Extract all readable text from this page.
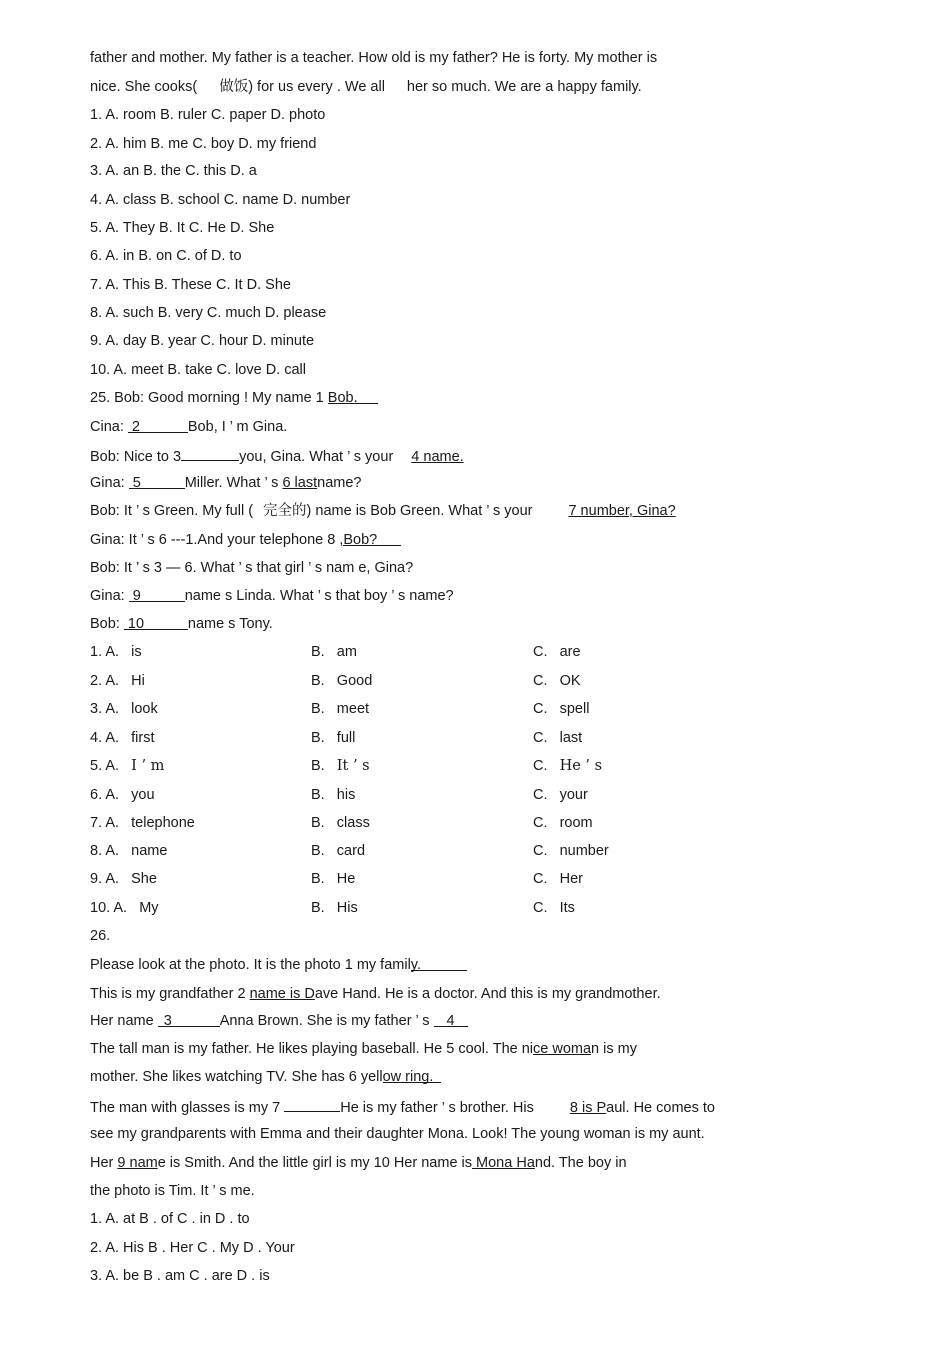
father and mother. My father is a teacher. How old is my father? He is forty. My mother is
nice. She cooks( 做饭) for us every . We all her so much. We are a happy family.
1. A. room B. ruler C. paper D. photo
2. A. him B. me C. boy D. my friend
3. A. an B. the C. this D. a
4. A. class B. school C. name D. number
5. A. They B. It C. He D. She
6. A. in B. on C. of D. to
7. A. This B. These C. It D. She
8. A. such B. very C. much D. please
9. A. day B. year C. hour D. minute
10. A. meet B. take C. love D. call
25. Bob: Good morning ! My name 1 Bob.
Cina: 2	Bob, I ’ m Gina.
Bob: Nice to 3	you, Gina. What ’ s your 4 name.
Gina: 5	Miller. What ’ s 6 lastname?
Bob: It ’ s Green. My full ( 完全的) name is Bob Green. What ’ s your 7 number, Gina?
Gina: It ’ s 6 ---1.And your telephone 8 ,Bob?
Bob: It ’ s 3 — 6. What ’ s that girl ’ s nam e, Gina?
Gina: 9	name s Linda. What ’ s that boy ’ s name?
Bob: 10	name s Tony.
1. A. is	B. am	C. are
2. A. Hi	B. Good	C. OK
3. A. look	B. meet	C. spell
4. A. first	B. full	C. last
5. A. I ’ m	B. It ’ s	C. He ’ s
6. A. you	B. his	C. your
7. A. telephone	B. class	C. room
8. A. name	B. card	C. number
9. A. She	B. He	C. Her
10. A. My	B. His	C. Its
26.
Please look at the photo. It is the photo 1 my family.
This is my grandfather 2 name is Dave Hand. He is a doctor. And this is my grandmother.
Her name 3	Anna Brown. She is my father ’ s 4
The tall man is my father. He likes playing baseball. He 5 cool. The nice woman is my
mother. She likes watching TV. She has 6 yellow ring.
The man with glasses is my 7	He is my father ’ s brother. His 8 is Paul. He comes to
see my grandparents with Emma and their daughter Mona. Look! The young woman is my aunt.
Her 9 name is Smith. And the little girl is my 10 Her name is Mona Hand. The boy in
the photo is Tim. It ’ s me.
1. A. at B . of C . in D . to
2. A. His B . Her C . My D . Your
3. A. be B . am C . are D . is
